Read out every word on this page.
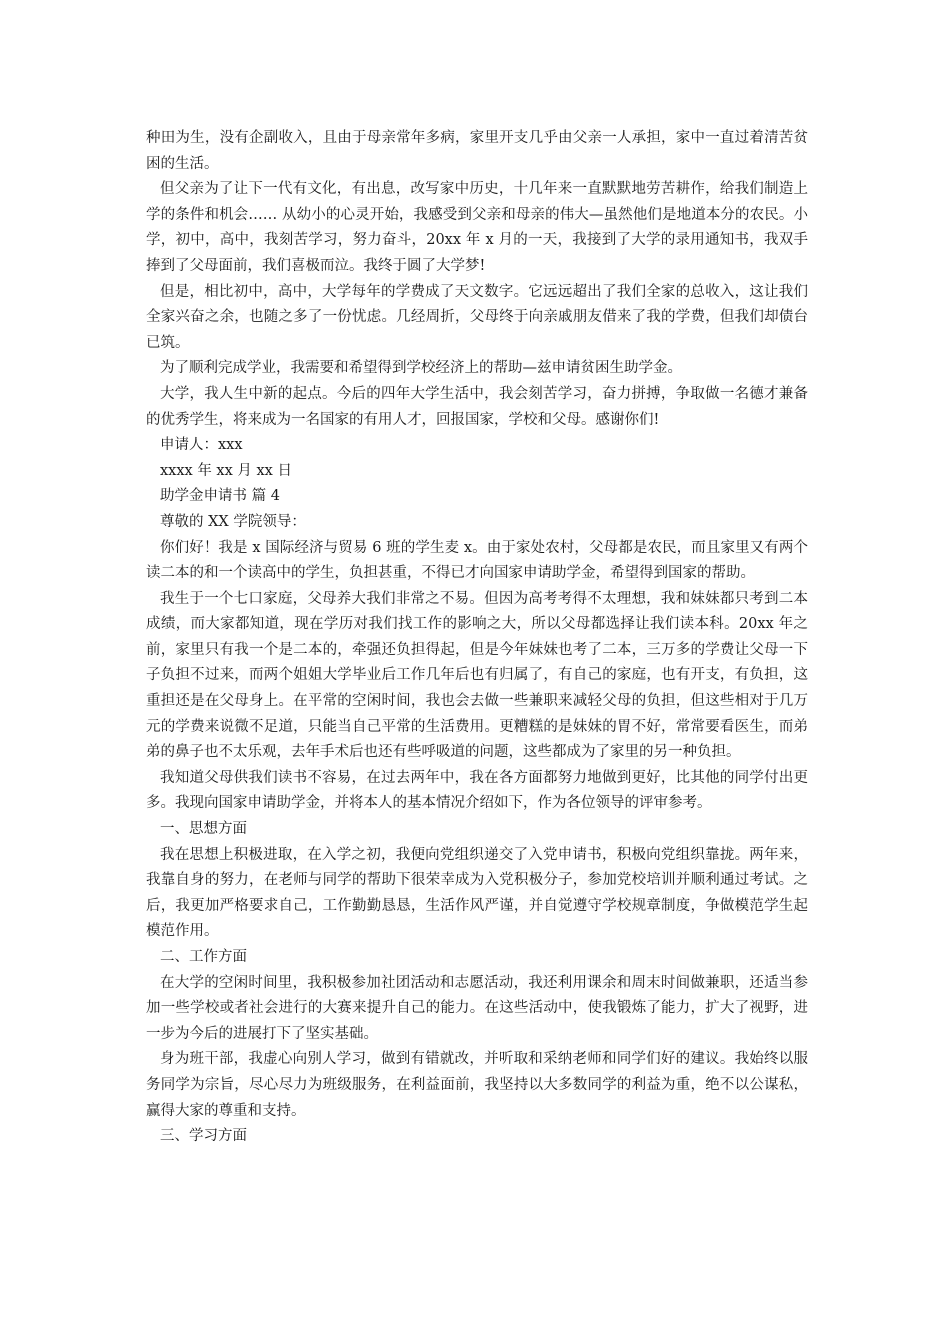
种田为生，没有企副收入，且由于母亲常年多病，家里开支几乎由父亲一人承担，家中一直过着清苦贫困的生活。

但父亲为了让下一代有文化，有出息，改写家中历史，十几年来一直默默地劳苦耕作，给我们制造上学的条件和机会…… 从幼小的心灵开始，我感受到父亲和母亲的伟大—虽然他们是地道本分的农民。小学，初中，高中，我刻苦学习，努力奋斗，20xx 年 x 月的一天，我接到了大学的录用通知书，我双手捧到了父母面前，我们喜极而泣。我终于圆了大学梦!

但是，相比初中，高中，大学每年的学费成了天文数字。它远远超出了我们全家的总收入，这让我们全家兴奋之余，也随之多了一份忧虑。几经周折，父母终于向亲戚朋友借来了我的学费，但我们却债台已筑。

为了顺利完成学业，我需要和希望得到学校经济上的帮助—兹申请贫困生助学金。

大学，我人生中新的起点。今后的四年大学生活中，我会刻苦学习，奋力拼搏，争取做一名德才兼备的优秀学生，将来成为一名国家的有用人才，回报国家，学校和父母。感谢你们!

申请人：xxx

xxxx 年 xx 月 xx 日

助学金申请书 篇 4

尊敬的 XX 学院领导：

你们好！我是 x 国际经济与贸易 6 班的学生麦 x。由于家处农村，父母都是农民，而且家里又有两个读二本的和一个读高中的学生，负担甚重，不得已才向国家申请助学金，希望得到国家的帮助。

我生于一个七口家庭，父母养大我们非常之不易。但因为高考考得不太理想，我和妹妹都只考到二本成绩，而大家都知道，现在学历对我们找工作的影响之大，所以父母都选择让我们读本科。20xx 年之前，家里只有我一个是二本的，牵强还负担得起，但是今年妹妹也考了二本，三万多的学费让父母一下子负担不过来，而两个姐姐大学毕业后工作几年后也有归属了，有自己的家庭，也有开支，有负担，这重担还是在父母身上。在平常的空闲时间，我也会去做一些兼职来减轻父母的负担，但这些相对于几万元的学费来说微不足道，只能当自己平常的生活费用。更糟糕的是妹妹的胃不好，常常要看医生，而弟弟的鼻子也不太乐观，去年手术后也还有些呼吸道的问题，这些都成为了家里的另一种负担。

我知道父母供我们读书不容易，在过去两年中，我在各方面都努力地做到更好，比其他的同学付出更多。我现向国家申请助学金，并将本人的基本情况介绍如下，作为各位领导的评审参考。

一、思想方面

我在思想上积极进取，在入学之初，我便向党组织递交了入党申请书，积极向党组织靠拢。两年来，我靠自身的努力，在老师与同学的帮助下很荣幸成为入党积极分子，参加党校培训并顺利通过考试。之后，我更加严格要求自己，工作勤勤恳恳，生活作风严谨，并自觉遵守学校规章制度，争做模范学生起模范作用。

二、工作方面

在大学的空闲时间里，我积极参加社团活动和志愿活动，我还利用课余和周末时间做兼职，还适当参加一些学校或者社会进行的大赛来提升自己的能力。在这些活动中，使我锻炼了能力，扩大了视野，进一步为今后的进展打下了坚实基础。

身为班干部，我虚心向别人学习，做到有错就改，并听取和采纳老师和同学们好的建议。我始终以服务同学为宗旨，尽心尽力为班级服务，在利益面前，我坚持以大多数同学的利益为重，绝不以公谋私，赢得大家的尊重和支持。

三、学习方面
